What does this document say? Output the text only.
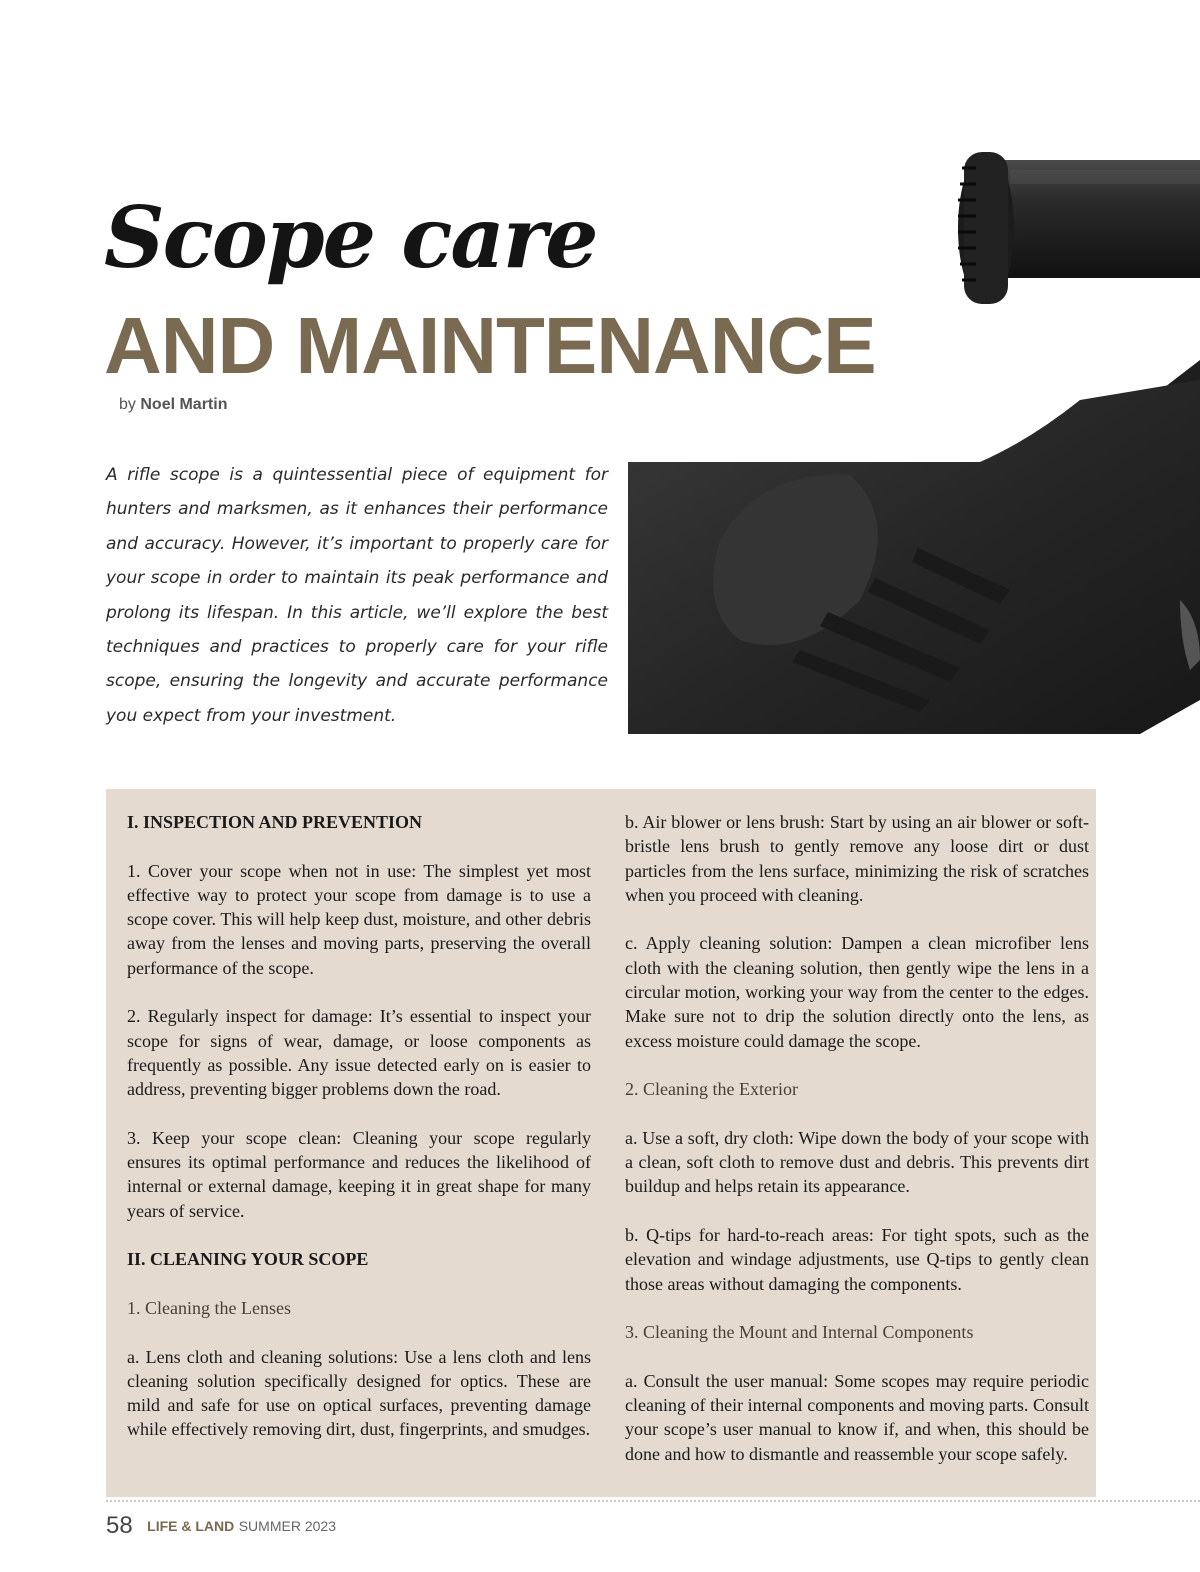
Scope care
AND MAINTENANCE
by Noel Martin
A rifle scope is a quintessential piece of equipment for hunters and marksmen, as it enhances their performance and accuracy. However, it’s important to properly care for your scope in order to maintain its peak performance and prolong its lifespan. In this article, we’ll explore the best techniques and practices to properly care for your rifle scope, ensuring the longevity and accurate performance you expect from your investment.

I. INSPECTION AND PREVENTION

1. Cover your scope when not in use: The simplest yet most effective way to protect your scope from damage is to use a scope cover. This will help keep dust, moisture, and other debris away from the lenses and moving parts, preserving the overall performance of the scope.

2. Regularly inspect for damage: It’s essential to inspect your scope for signs of wear, damage, or loose components as frequently as possible. Any issue detected early on is easier to address, preventing bigger problems down the road.

3. Keep your scope clean: Cleaning your scope regularly ensures its optimal performance and reduces the likelihood of internal or external damage, keeping it in great shape for many years of service.

II. CLEANING YOUR SCOPE

1. Cleaning the Lenses

a. Lens cloth and cleaning solutions: Use a lens cloth and lens cleaning solution specifically designed for optics. These are mild and safe for use on optical surfaces, preventing damage while effectively removing dirt, dust, fingerprints, and smudges.

b. Air blower or lens brush: Start by using an air blower or soft-bristle lens brush to gently remove any loose dirt or dust particles from the lens surface, minimizing the risk of scratches when you proceed with cleaning.

c. Apply cleaning solution: Dampen a clean microfiber lens cloth with the cleaning solution, then gently wipe the lens in a circular motion, working your way from the center to the edges. Make sure not to drip the solution directly onto the lens, as excess moisture could damage the scope.

2. Cleaning the Exterior

a. Use a soft, dry cloth: Wipe down the body of your scope with a clean, soft cloth to remove dust and debris. This prevents dirt buildup and helps retain its appearance.

b. Q-tips for hard-to-reach areas: For tight spots, such as the elevation and windage adjustments, use Q-tips to gently clean those areas without damaging the components.

3. Cleaning the Mount and Internal Components

a. Consult the user manual: Some scopes may require periodic cleaning of their internal components and moving parts. Consult your scope’s user manual to know if, and when, this should be done and how to dismantle and reassemble your scope safely.

58 LIFE & LAND SUMMER 2023
